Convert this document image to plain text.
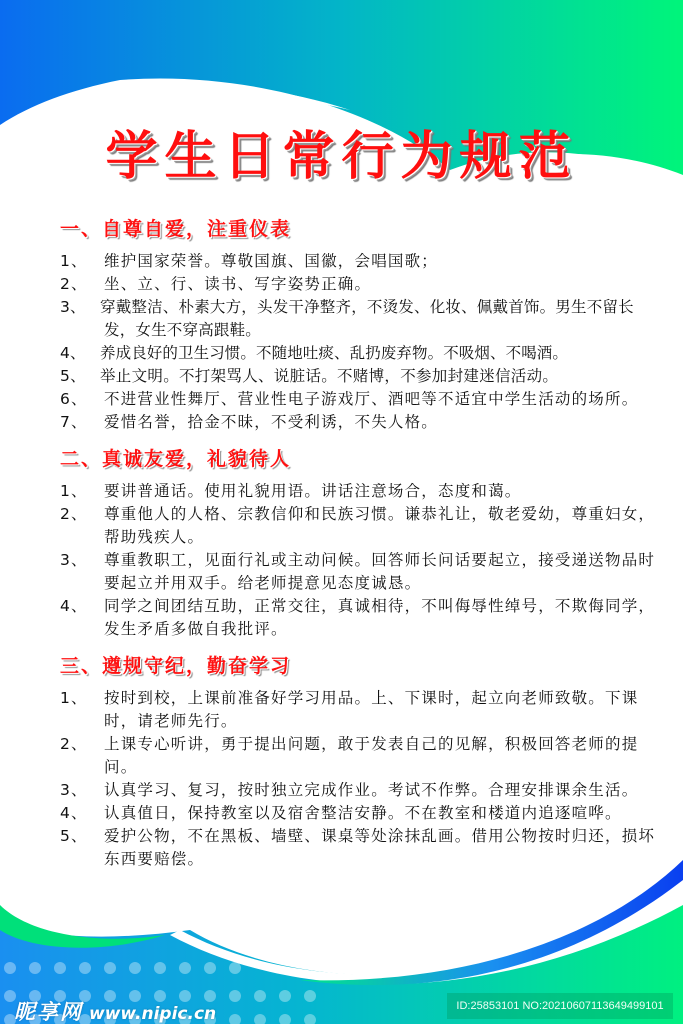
学生日常行为规范
一、自尊自爱，注重仪表
1、 维护国家荣誉。尊敬国旗、国徽，会唱国歌；
2、 坐、立、行、读书、写字姿势正确。
3、 穿戴整洁、朴素大方，头发干净整齐，不烫发、化妆、佩戴首饰。男生不留长发，女生不穿高跟鞋。
4、 养成良好的卫生习惯。不随地吐痰、乱扔废弃物。不吸烟、不喝酒。
5、 举止文明。不打架骂人、说脏话。不赌博，不参加封建迷信活动。
6、 不进营业性舞厅、营业性电子游戏厅、酒吧等不适宜中学生活动的场所。
7、 爱惜名誉，拾金不昧，不受利诱，不失人格。
二、真诚友爱，礼貌待人
1、 要讲普通话。使用礼貌用语。讲话注意场合，态度和蔼。
2、 尊重他人的人格、宗教信仰和民族习惯。谦恭礼让，敬老爱幼，尊重妇女，帮助残疾人。
3、 尊重教职工，见面行礼或主动问候。回答师长问话要起立，接受递送物品时要起立并用双手。给老师提意见态度诚恳。
4、 同学之间团结互助，正常交往，真诚相待，不叫侮辱性绰号，不欺侮同学，发生矛盾多做自我批评。
三、遵规守纪，勤奋学习
1、 按时到校，上课前准备好学习用品。上、下课时，起立向老师致敬。下课时，请老师先行。
2、 上课专心听讲，勇于提出问题，敢于发表自己的见解，积极回答老师的提问。
3、 认真学习、复习，按时独立完成作业。考试不作弊。合理安排课余生活。
4、 认真值日，保持教室以及宿舍整洁安静。不在教室和楼道内追逐喧哗。
5、 爱护公物，不在黑板、墙壁、课桌等处涂抹乱画。借用公物按时归还，损坏东西要赔偿。
昵享网 www.nipic.cn	ID:25853101 NO:20210607113649499101
